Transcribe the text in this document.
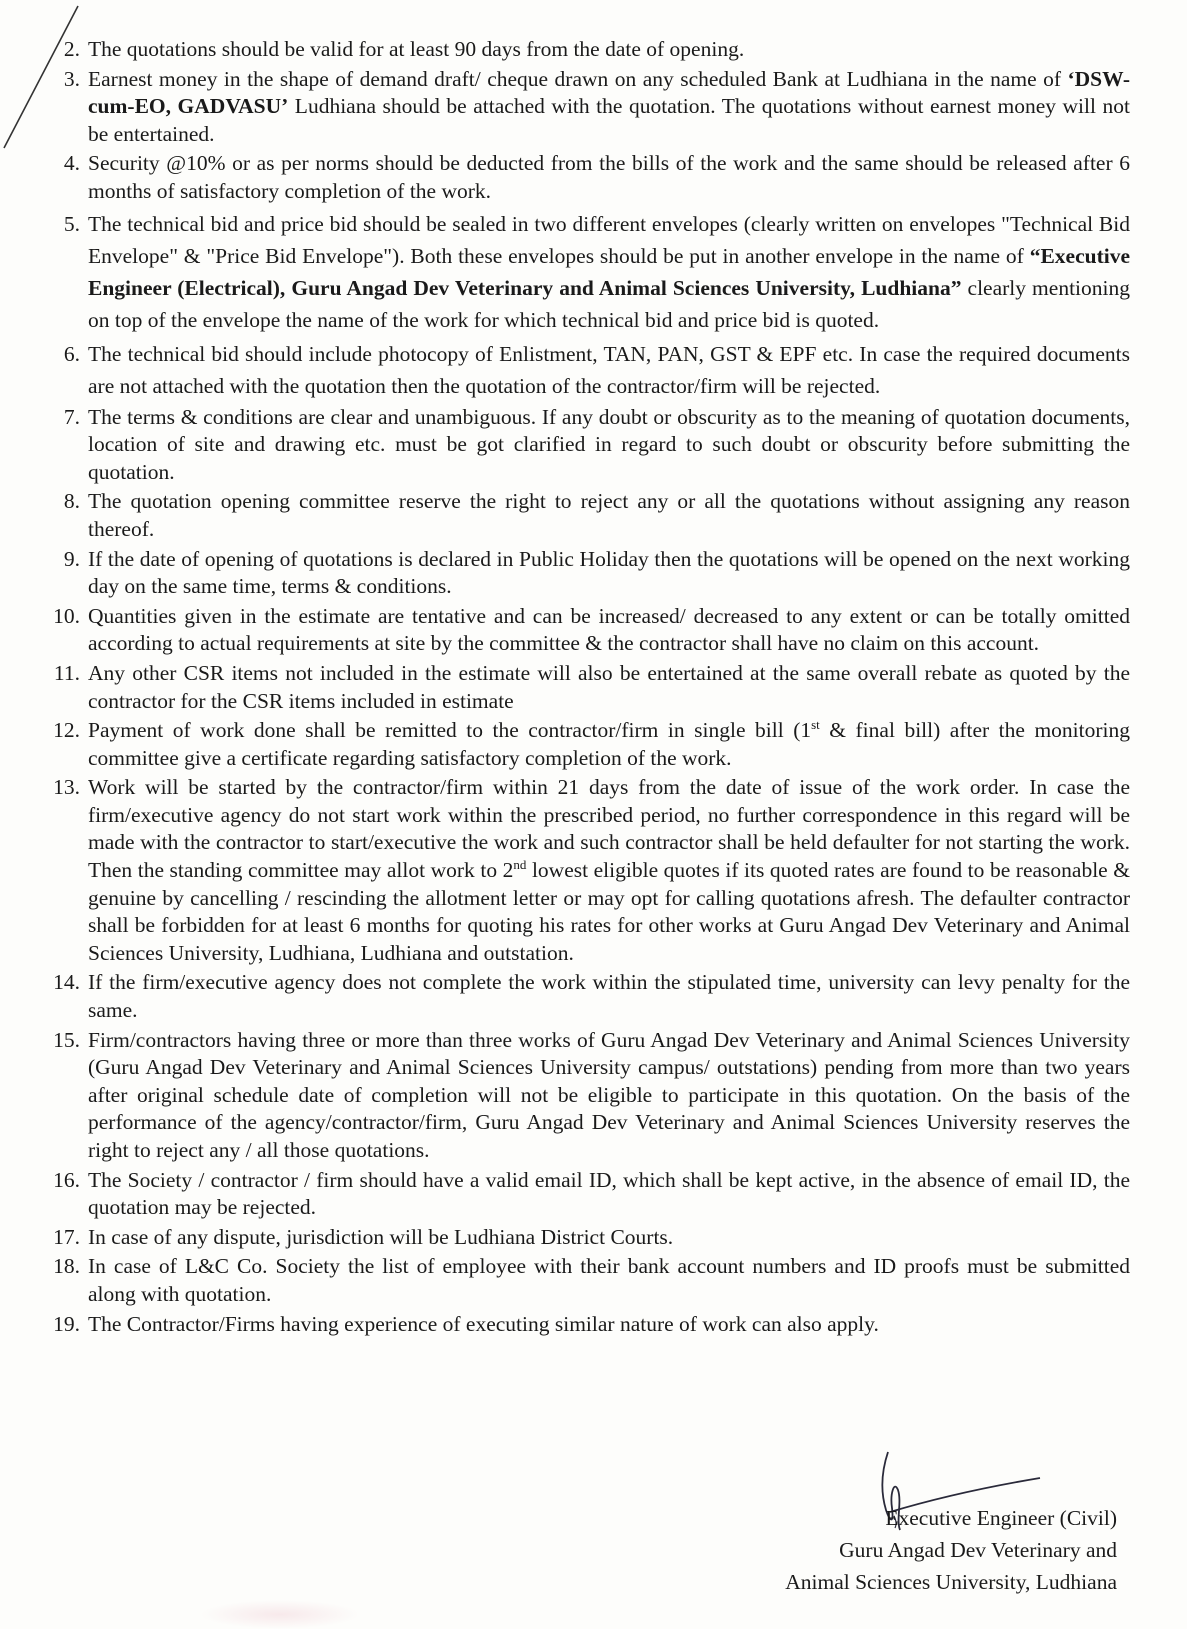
2. The quotations should be valid for at least 90 days from the date of opening.
3. Earnest money in the shape of demand draft/ cheque drawn on any scheduled Bank at Ludhiana in the name of ‘DSW-cum-EO, GADVASU’ Ludhiana should be attached with the quotation. The quotations without earnest money will not be entertained.
4. Security @10% or as per norms should be deducted from the bills of the work and the same should be released after 6 months of satisfactory completion of the work.
5. The technical bid and price bid should be sealed in two different envelopes (clearly written on envelopes "Technical Bid Envelope" & "Price Bid Envelope"). Both these envelopes should be put in another envelope in the name of “Executive Engineer (Electrical), Guru Angad Dev Veterinary and Animal Sciences University, Ludhiana” clearly mentioning on top of the envelope the name of the work for which technical bid and price bid is quoted.
6. The technical bid should include photocopy of Enlistment, TAN, PAN, GST & EPF etc. In case the required documents are not attached with the quotation then the quotation of the contractor/firm will be rejected.
7. The terms & conditions are clear and unambiguous. If any doubt or obscurity as to the meaning of quotation documents, location of site and drawing etc. must be got clarified in regard to such doubt or obscurity before submitting the quotation.
8. The quotation opening committee reserve the right to reject any or all the quotations without assigning any reason thereof.
9. If the date of opening of quotations is declared in Public Holiday then the quotations will be opened on the next working day on the same time, terms & conditions.
10. Quantities given in the estimate are tentative and can be increased/ decreased to any extent or can be totally omitted according to actual requirements at site by the committee & the contractor shall have no claim on this account.
11. Any other CSR items not included in the estimate will also be entertained at the same overall rebate as quoted by the contractor for the CSR items included in estimate
12. Payment of work done shall be remitted to the contractor/firm in single bill (1st & final bill) after the monitoring committee give a certificate regarding satisfactory completion of the work.
13. Work will be started by the contractor/firm within 21 days from the date of issue of the work order. In case the firm/executive agency do not start work within the prescribed period, no further correspondence in this regard will be made with the contractor to start/executive the work and such contractor shall be held defaulter for not starting the work. Then the standing committee may allot work to 2nd lowest eligible quotes if its quoted rates are found to be reasonable & genuine by cancelling / rescinding the allotment letter or may opt for calling quotations afresh. The defaulter contractor shall be forbidden for at least 6 months for quoting his rates for other works at Guru Angad Dev Veterinary and Animal Sciences University, Ludhiana, Ludhiana and outstation.
14. If the firm/executive agency does not complete the work within the stipulated time, university can levy penalty for the same.
15. Firm/contractors having three or more than three works of Guru Angad Dev Veterinary and Animal Sciences University (Guru Angad Dev Veterinary and Animal Sciences University campus/ outstations) pending from more than two years after original schedule date of completion will not be eligible to participate in this quotation. On the basis of the performance of the agency/contractor/firm, Guru Angad Dev Veterinary and Animal Sciences University reserves the right to reject any / all those quotations.
16. The Society / contractor / firm should have a valid email ID, which shall be kept active, in the absence of email ID, the quotation may be rejected.
17. In case of any dispute, jurisdiction will be Ludhiana District Courts.
18. In case of L&C Co. Society the list of employee with their bank account numbers and ID proofs must be submitted along with quotation.
19. The Contractor/Firms having experience of executing similar nature of work can also apply.
Executive Engineer (Civil)
Guru Angad Dev Veterinary and
Animal Sciences University, Ludhiana
